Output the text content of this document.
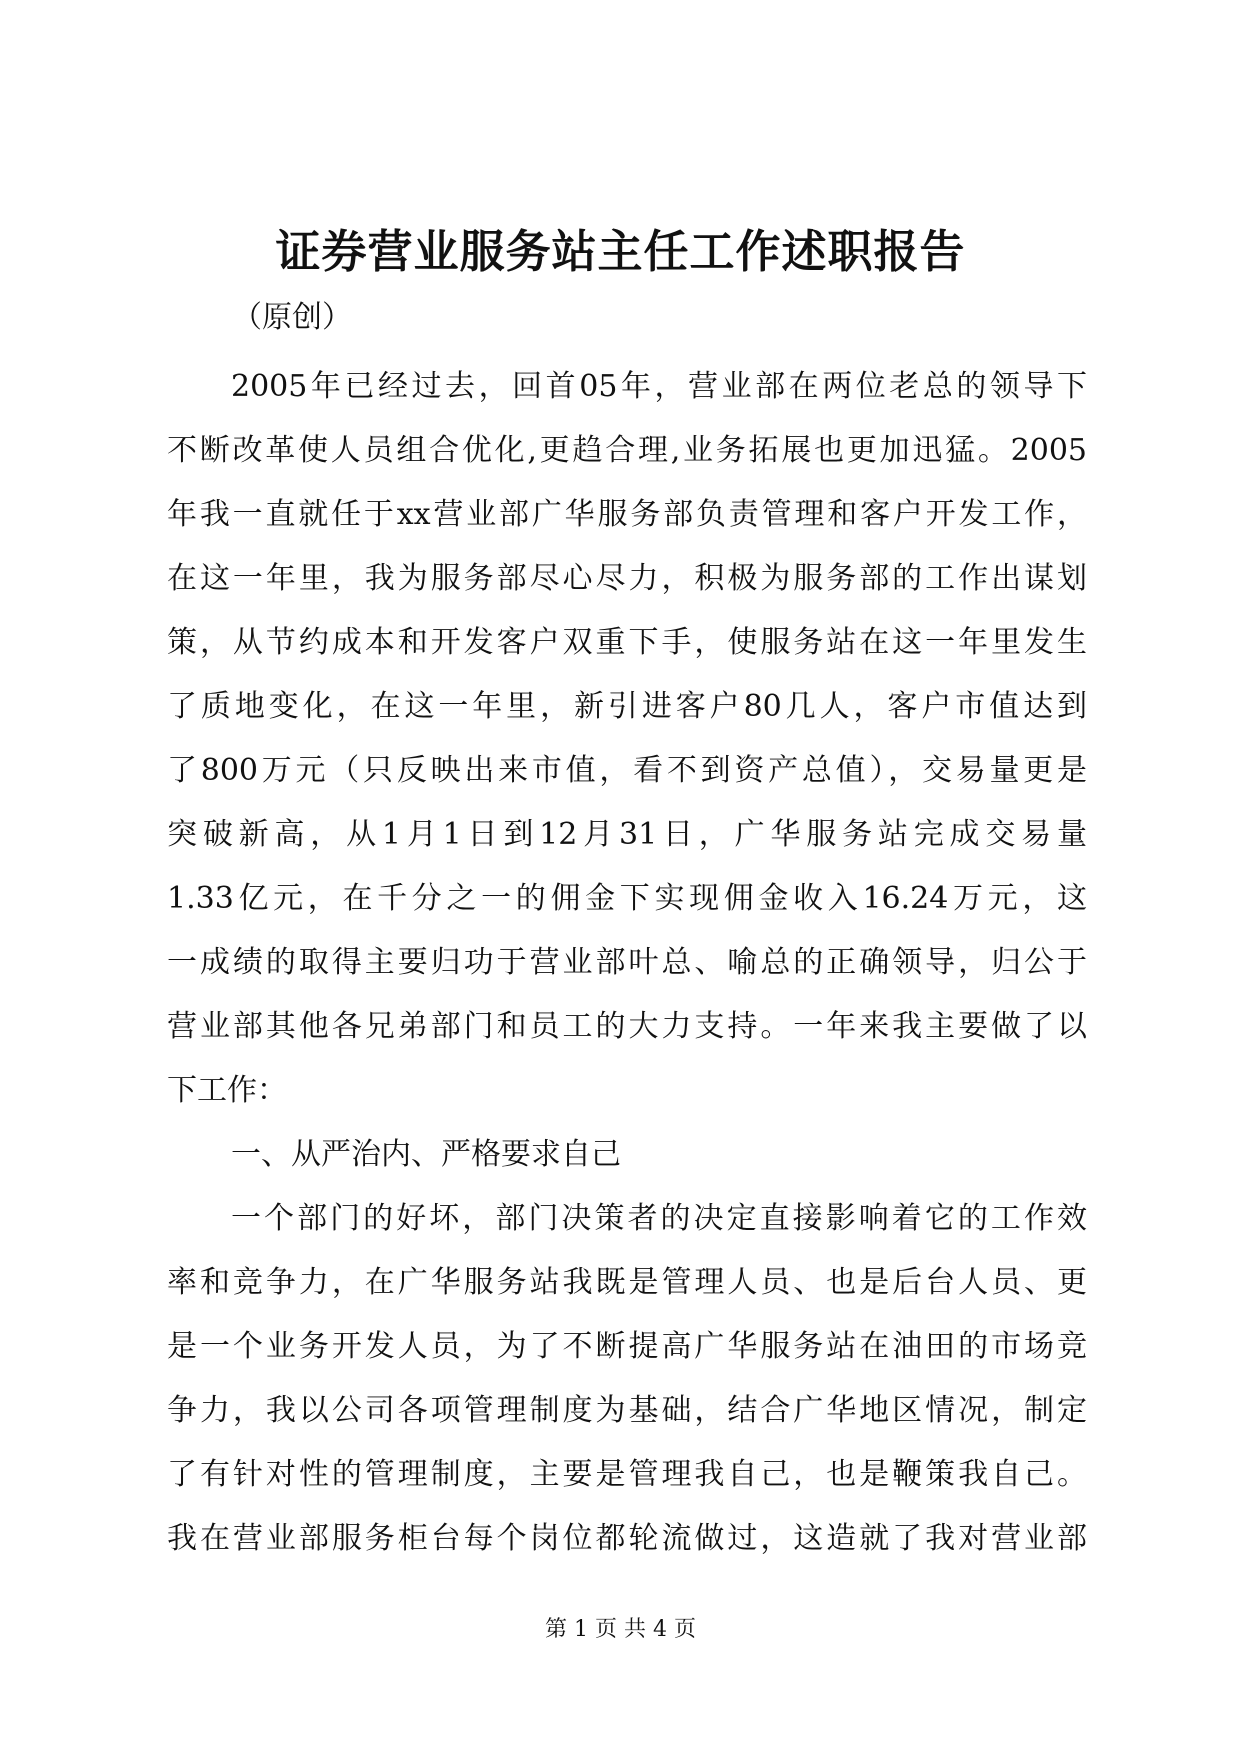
证券营业服务站主任工作述职报告
（原创）
2005年已经过去，回首05年，营业部在两位老总的领导下
不断改革使人员组合优化,更趋合理,业务拓展也更加迅猛。2005
年我一直就任于xx营业部广华服务部负责管理和客户开发工作，
在这一年里，我为服务部尽心尽力，积极为服务部的工作出谋划
策，从节约成本和开发客户双重下手，使服务站在这一年里发生
了质地变化，在这一年里，新引进客户80几人，客户市值达到
了800万元（只反映出来市值，看不到资产总值），交易量更是
突破新高，从1月1日到12月31日，广华服务站完成交易量
1.33亿元，在千分之一的佣金下实现佣金收入16.24万元，这
一成绩的取得主要归功于营业部叶总、喻总的正确领导，归公于
营业部其他各兄弟部门和员工的大力支持。一年来我主要做了以
下工作：
一、从严治内、严格要求自己
一个部门的好坏，部门决策者的决定直接影响着它的工作效
率和竞争力，在广华服务站我既是管理人员、也是后台人员、更
是一个业务开发人员，为了不断提高广华服务站在油田的市场竞
争力，我以公司各项管理制度为基础，结合广华地区情况，制定
了有针对性的管理制度，主要是管理我自己，也是鞭策我自己。
我在营业部服务柜台每个岗位都轮流做过，这造就了我对营业部
第 1 页 共 4 页
